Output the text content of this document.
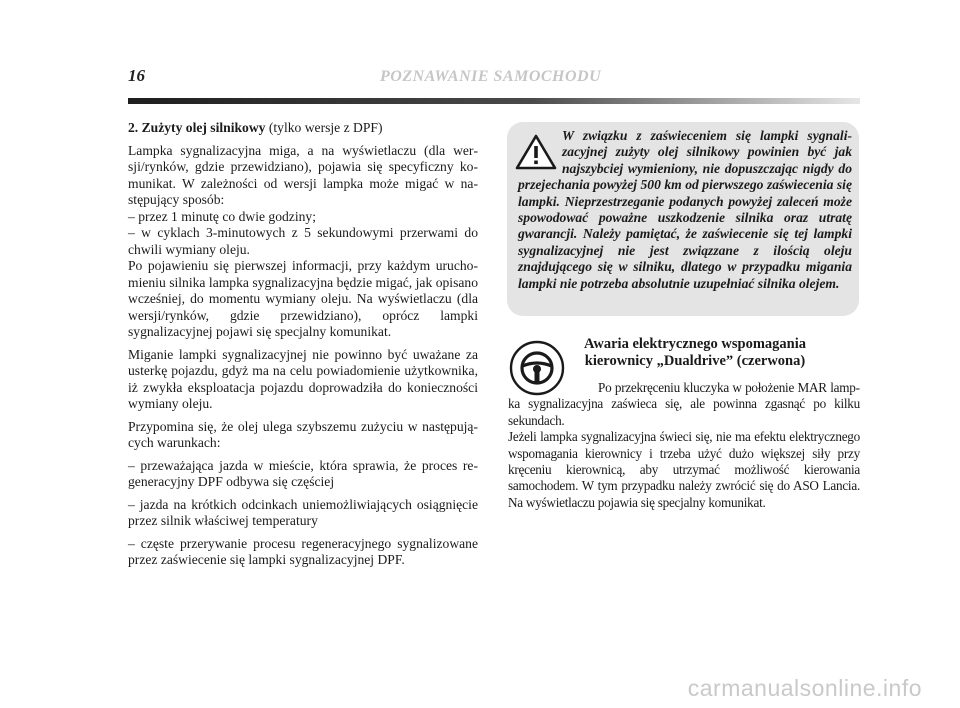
16	POZNAWANIE SAMOCHODU

2. Zużyty olej silnikowy (tylko wersje z DPF)

Lampka sygnalizacyjna miga, a na wyświetlaczu (dla wersji/rynków, gdzie przewidziano), pojawia się specyficzny komunikat. W zależności od wersji lampka może migać w następujący sposób:

– przez 1 minutę co dwie godziny;

– w cyklach 3-minutowych z 5 sekundowymi przerwami do chwili wymiany oleju.

Po pojawieniu się pierwszej informacji, przy każdym uruchomieniu silnika lampka sygnalizacyjna będzie migać, jak opisano wcześniej, do momentu wymiany oleju. Na wyświetlaczu (dla wersji/rynków, gdzie przewidziano), oprócz lampki sygnalizacyjnej pojawi się specjalny komunikat.

Miganie lampki sygnalizacyjnej nie powinno być uważane za usterkę pojazdu, gdyż ma na celu powiadomienie użytkownika, iż zwykła eksploatacja pojazdu doprowadziła do konieczności wymiany oleju.

Przypomina się, że olej ulega szybszemu zużyciu w następujących warunkach:

– przeważająca jazda w mieście, która sprawia, że proces regeneracyjny DPF odbywa się częściej

– jazda na krótkich odcinkach uniemożliwiających osiągnięcie przez silnik właściwej temperatury

– częste przerywanie procesu regeneracyjnego sygnalizowane przez zaświecenie się lampki sygnalizacyjnej DPF.

W związku z zaświeceniem się lampki sygnalizacyjnej zużyty olej silnikowy powinien być jak najszybciej wymieniony, nie dopuszczając nigdy do przejechania powyżej 500 km od pierwszego zaświecenia się lampki. Nieprzestrzeganie podanych powyżej zaleceń może spowodować poważne uszkodzenie silnika oraz utratę gwarancji. Należy pamiętać, że zaświecenie się tej lampki sygnalizacyjnej nie jest związzane z ilością oleju znajdującego się w silniku, dlatego w przypadku migania lampki nie potrzeba absolutnie uzupełniać silnika olejem.

Awaria elektrycznego wspomagania
kierownicy „Dualdrive” (czerwona)

Po przekręceniu kluczyka w położenie MAR lampka sygnalizacyjna zaświeca się, ale powinna zgasnąć po kilku sekundach.

Jeżeli lampka sygnalizacyjna świeci się, nie ma efektu elektrycznego wspomagania kierownicy i trzeba użyć dużo większej siły przy kręceniu kierownicą, aby utrzymać możliwość kierowania samochodem. W tym przypadku należy zwrócić się do ASO Lancia. Na wyświetlaczu pojawia się specjalny komunikat.

carmanualsonline.info
